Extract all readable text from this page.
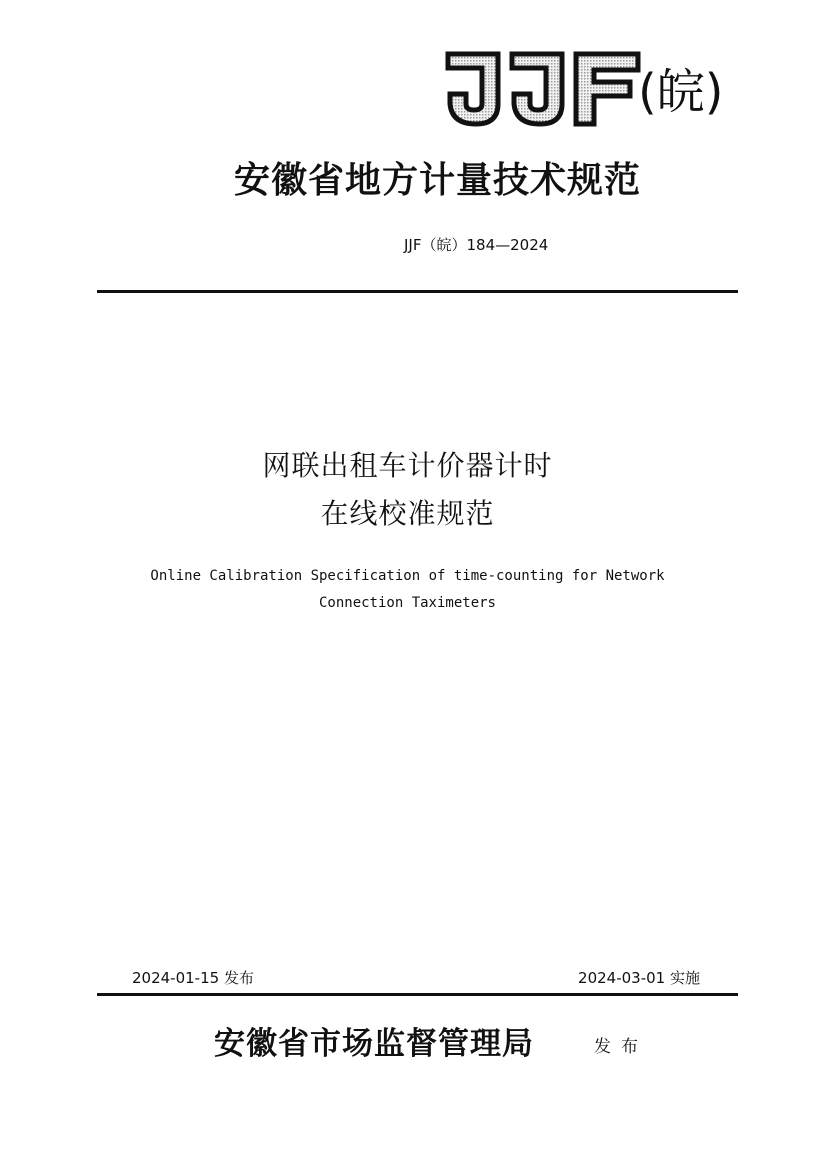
(皖)
安徽省地方计量技术规范
JJF（皖）184—2024
网联出租车计价器计时
在线校准规范
Online Calibration Specification of time-counting for Network
Connection Taximeters
2024-01-15 发布	2024-03-01 实施
安徽省市场监督管理局	发布
